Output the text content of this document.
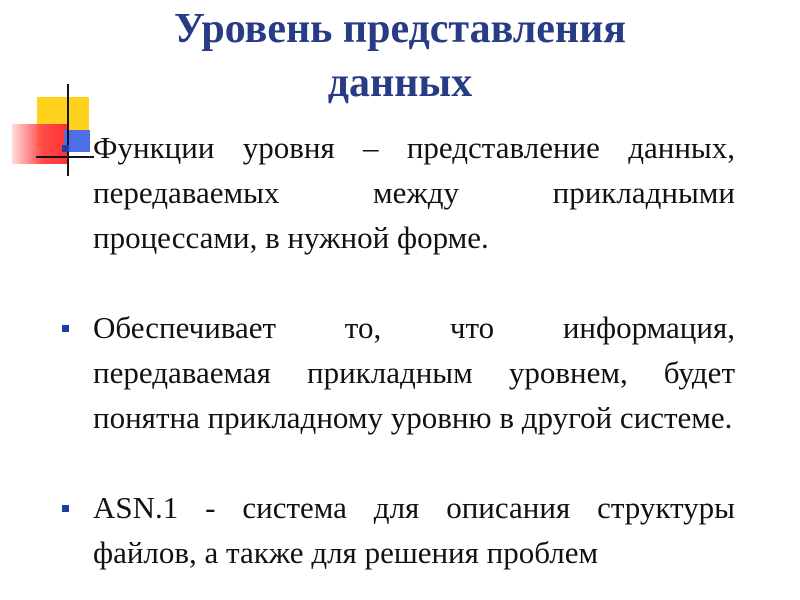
Уровень представления данных
Функции уровня – представление данных, передаваемых между прикладными процессами, в нужной форме.
Обеспечивает то, что информация, передаваемая прикладным уровнем, будет понятна прикладному уровню в другой системе.
ASN.1 - система для описания структуры файлов, а также для решения проблем
